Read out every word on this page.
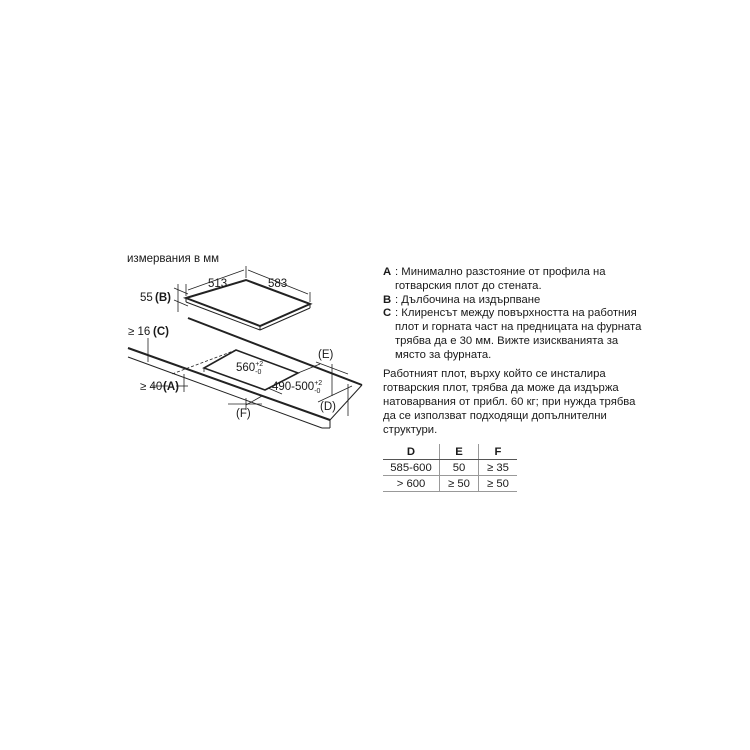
измервания в мм
513	583
55 (B)
$560^{+2}$ -0
$490-500^{+2}$ -0
(E)
(D)
(F)
≥ 16 (C)
≥ 40 (A)
A : Минимално разстояние от профила на готварския плот до стената.
B : Дълбочина на издърпване
C : Клиренсът между повърхността на работния плот и горната част на предницата на фурната трябва да е 30 мм. Вижте изискванията за място за фурната.
Работният плот, върху който се инсталира готварския плот, трябва да може да издържа натоварвания от прибл. 60 кг; при нужда трябва да се използват подходящи допълнителни структури.
D	E	F
585-600	50	≥ 35
> 600	≥ 50	≥ 50
